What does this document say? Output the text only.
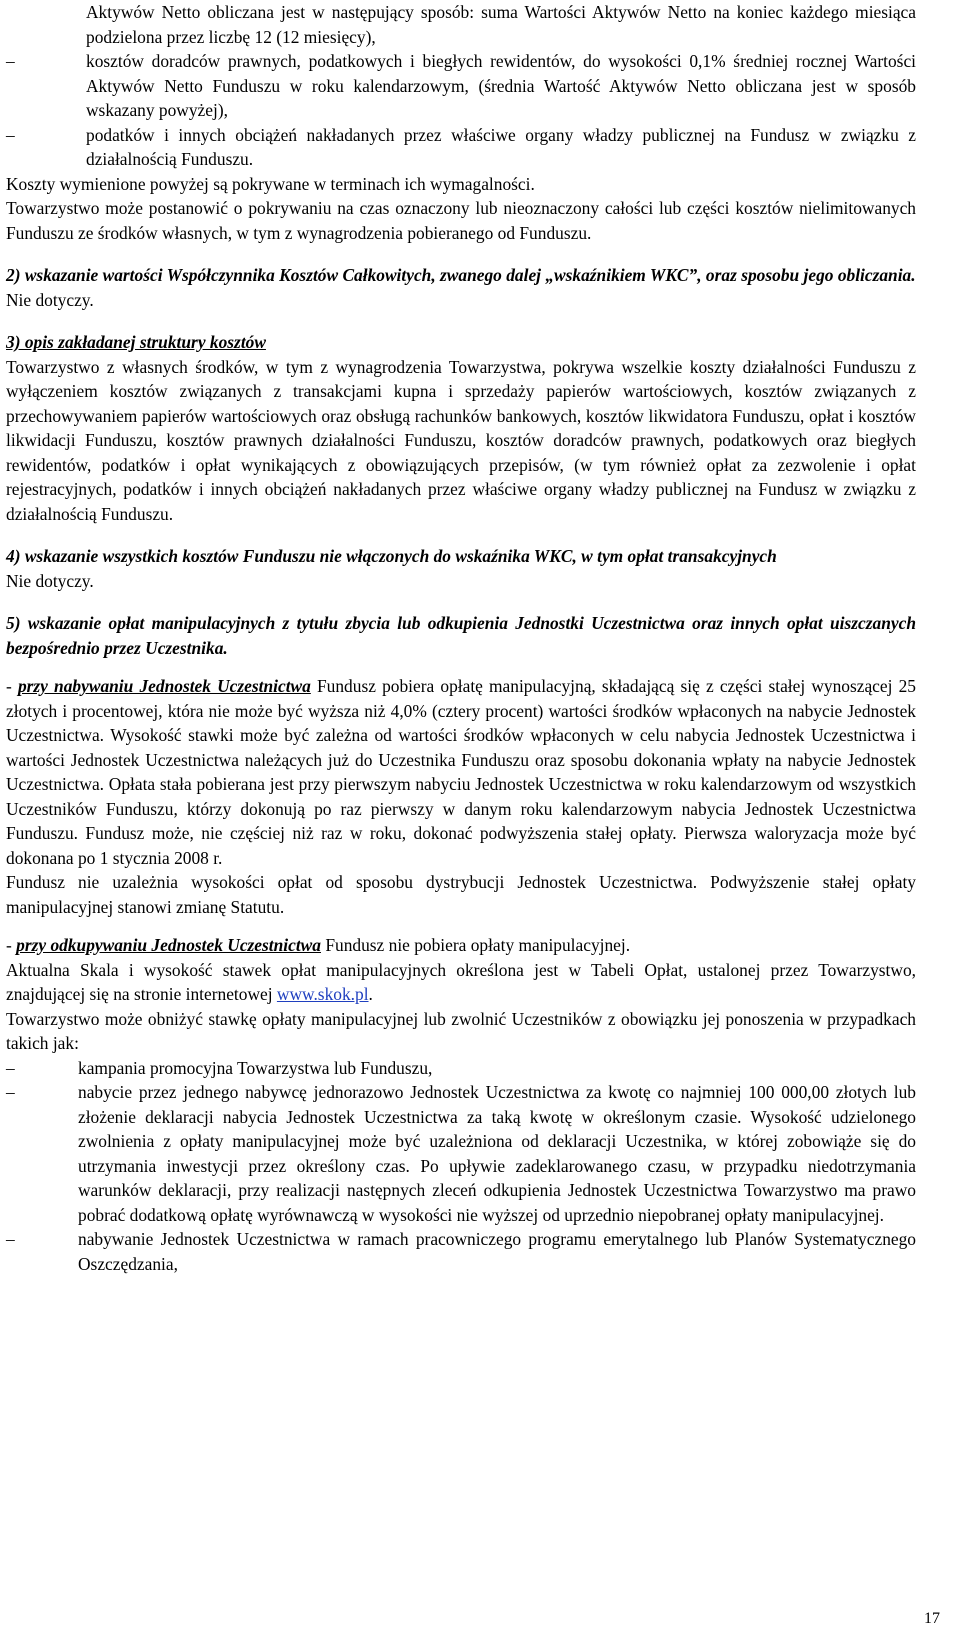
Aktywów Netto obliczana jest w następujący sposób: suma Wartości Aktywów Netto na koniec każdego miesiąca podzielona przez liczbę 12 (12 miesięcy),

–	kosztów doradców prawnych, podatkowych i biegłych rewidentów, do wysokości 0,1% średniej rocznej Wartości Aktywów Netto Funduszu w roku kalendarzowym, (średnia Wartość Aktywów Netto obliczana jest w sposób wskazany powyżej),
–	podatków i innych obciążeń nakładanych przez właściwe organy władzy publicznej na Fundusz w związku z działalnością Funduszu.

Koszty wymienione powyżej są pokrywane w terminach ich wymagalności.

Towarzystwo może postanowić o pokrywaniu na czas oznaczony lub nieoznaczony całości lub części kosztów nielimitowanych Funduszu ze środków własnych, w tym z wynagrodzenia pobieranego od Funduszu.

2) wskazanie wartości Współczynnika Kosztów Całkowitych, zwanego dalej „wskaźnikiem WKC”, oraz sposobu jego obliczania.

Nie dotyczy.

3) opis zakładanej struktury kosztów

Towarzystwo z własnych środków, w tym z wynagrodzenia Towarzystwa, pokrywa wszelkie koszty działalności Funduszu z wyłączeniem kosztów związanych z transakcjami kupna i sprzedaży papierów wartościowych, kosztów związanych z przechowywaniem papierów wartościowych oraz obsługą rachunków bankowych, kosztów likwidatora Funduszu, opłat i kosztów likwidacji Funduszu, kosztów prawnych działalności Funduszu, kosztów doradców prawnych, podatkowych oraz biegłych rewidentów, podatków i opłat wynikających z obowiązujących przepisów, (w tym również opłat za zezwolenie i opłat rejestracyjnych, podatków i innych obciążeń nakładanych przez właściwe organy władzy publicznej na Fundusz w związku z działalnością Funduszu.

4) wskazanie wszystkich kosztów Funduszu nie włączonych do wskaźnika WKC, w tym opłat transakcyjnych

Nie dotyczy.

5) wskazanie opłat manipulacyjnych z tytułu zbycia lub odkupienia Jednostki Uczestnictwa oraz innych opłat uiszczanych bezpośrednio przez Uczestnika.

- przy nabywaniu Jednostek Uczestnictwa Fundusz pobiera opłatę manipulacyjną, składającą się z części stałej wynoszącej 25 złotych i procentowej, która nie może być wyższa niż 4,0% (cztery procent) wartości środków wpłaconych na nabycie Jednostek Uczestnictwa. Wysokość stawki może być zależna od wartości środków wpłaconych w celu nabycia Jednostek Uczestnictwa i wartości Jednostek Uczestnictwa należących już do Uczestnika Funduszu oraz sposobu dokonania wpłaty na nabycie Jednostek Uczestnictwa. Opłata stała pobierana jest przy pierwszym nabyciu Jednostek Uczestnictwa w roku kalendarzowym od wszystkich Uczestników Funduszu, którzy dokonują po raz pierwszy w danym roku kalendarzowym nabycia Jednostek Uczestnictwa Funduszu. Fundusz może, nie częściej niż raz w roku, dokonać podwyższenia stałej opłaty. Pierwsza waloryzacja może być dokonana po 1 stycznia 2008 r.

Fundusz nie uzależnia wysokości opłat od sposobu dystrybucji Jednostek Uczestnictwa. Podwyższenie stałej opłaty manipulacyjnej stanowi zmianę Statutu.

- przy odkupywaniu Jednostek Uczestnictwa Fundusz nie pobiera opłaty manipulacyjnej.

Aktualna Skala i wysokość stawek opłat manipulacyjnych określona jest w Tabeli Opłat, ustalonej przez Towarzystwo, znajdującej się na stronie internetowej www.skok.pl.

Towarzystwo może obniżyć stawkę opłaty manipulacyjnej lub zwolnić Uczestników z obowiązku jej ponoszenia w przypadkach takich jak:

–	kampania promocyjna Towarzystwa lub Funduszu,
–	nabycie przez jednego nabywcę jednorazowo Jednostek Uczestnictwa za kwotę co najmniej 100 000,00 złotych lub złożenie deklaracji nabycia Jednostek Uczestnictwa za taką kwotę w określonym czasie. Wysokość udzielonego zwolnienia z opłaty manipulacyjnej może być uzależniona od deklaracji Uczestnika, w której zobowiąże się do utrzymania inwestycji przez określony czas. Po upływie zadeklarowanego czasu, w przypadku niedotrzymania warunków deklaracji, przy realizacji następnych zleceń odkupienia Jednostek Uczestnictwa Towarzystwo ma prawo pobrać dodatkową opłatę wyrównawczą w wysokości nie wyższej od uprzednio niepobranej opłaty manipulacyjnej.
–	nabywanie Jednostek Uczestnictwa w ramach pracowniczego programu emerytalnego lub Planów Systematycznego Oszczędzania,
17
